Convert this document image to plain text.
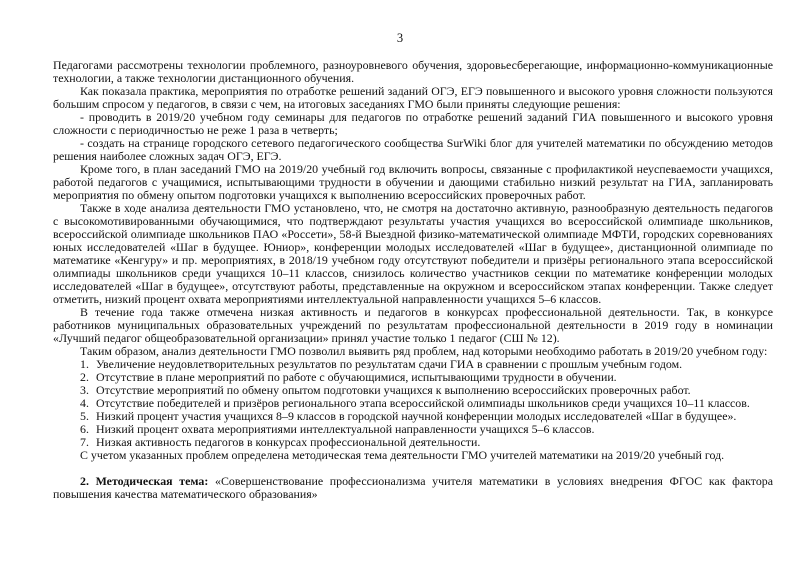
3

Педагогами рассмотрены технологии проблемного, разноуровневого обучения, здоровьесберегающие, информационно-коммуникационные технологии, а также технологии дистанционного обучения.

Как показала практика, мероприятия по отработке решений заданий ОГЭ, ЕГЭ повышенного и высокого уровня сложности пользуются большим спросом у педагогов, в связи с чем, на итоговых заседаниях ГМО были приняты следующие решения:

- проводить в 2019/20 учебном году семинары для педагогов по отработке решений заданий ГИА повышенного и высокого уровня сложности с периодичностью не реже 1 раза в четверть;

- создать на странице городского сетевого педагогического сообщества SurWiki блог для учителей математики по обсуждению методов решения наиболее сложных задач ОГЭ, ЕГЭ.

Кроме того, в план заседаний ГМО на 2019/20 учебный год включить вопросы, связанные с профилактикой неуспеваемости учащихся, работой педагогов с учащимися, испытывающими трудности в обучении и дающими стабильно низкий результат на ГИА, запланировать мероприятия по обмену опытом подготовки учащихся к выполнению всероссийских проверочных работ.

Также в ходе анализа деятельности ГМО установлено, что, не смотря на достаточно активную, разнообразную деятельность педагогов с высокомотивированными обучающимися, что подтверждают результаты участия учащихся во всероссийской олимпиаде школьников, всероссийской олимпиаде школьников ПАО «Россети», 58-й Выездной физико-математической олимпиаде МФТИ, городских соревнованиях юных исследователей «Шаг в будущее. Юниор», конференции молодых исследователей «Шаг в будущее», дистанционной олимпиаде по математике «Кенгуру» и пр. мероприятиях, в 2018/19 учебном году отсутствуют победители и призёры регионального этапа всероссийской олимпиады школьников среди учащихся 10–11 классов, снизилось количество участников секции по математике конференции молодых исследователей «Шаг в будущее», отсутствуют работы, представленные на окружном и всероссийском этапах конференции. Также следует отметить, низкий процент охвата мероприятиями интеллектуальной направленности учащихся 5–6 классов.

В течение года также отмечена низкая активность и педагогов в конкурсах профессиональной деятельности. Так, в конкурсе работников муниципальных образовательных учреждений по результатам профессиональной деятельности в 2019 году в номинации «Лучший педагог общеобразовательной организации» принял участие только 1 педагог (СШ № 12).

Таким образом, анализ деятельности ГМО позволил выявить ряд проблем, над которыми необходимо работать в 2019/20 учебном году:

1. Увеличение неудовлетворительных результатов по результатам сдачи ГИА в сравнении с прошлым учебным годом.
2. Отсутствие в плане мероприятий по работе с обучающимися, испытывающими трудности в обучении.
3. Отсутствие мероприятий по обмену опытом подготовки учащихся к выполнению всероссийских проверочных работ.
4. Отсутствие победителей и призёров регионального этапа всероссийской олимпиады школьников среди учащихся 10–11 классов.
5. Низкий процент участия учащихся 8–9 классов в городской научной конференции молодых исследователей «Шаг в будущее».
6. Низкий процент охвата мероприятиями интеллектуальной направленности учащихся 5–6 классов.
7. Низкая активность педагогов в конкурсах профессиональной деятельности.

С учетом указанных проблем определена методическая тема деятельности ГМО учителей математики на 2019/20 учебный год.

2. Методическая тема: «Совершенствование профессионализма учителя математики в условиях внедрения ФГОС как фактора повышения качества математического образования»
